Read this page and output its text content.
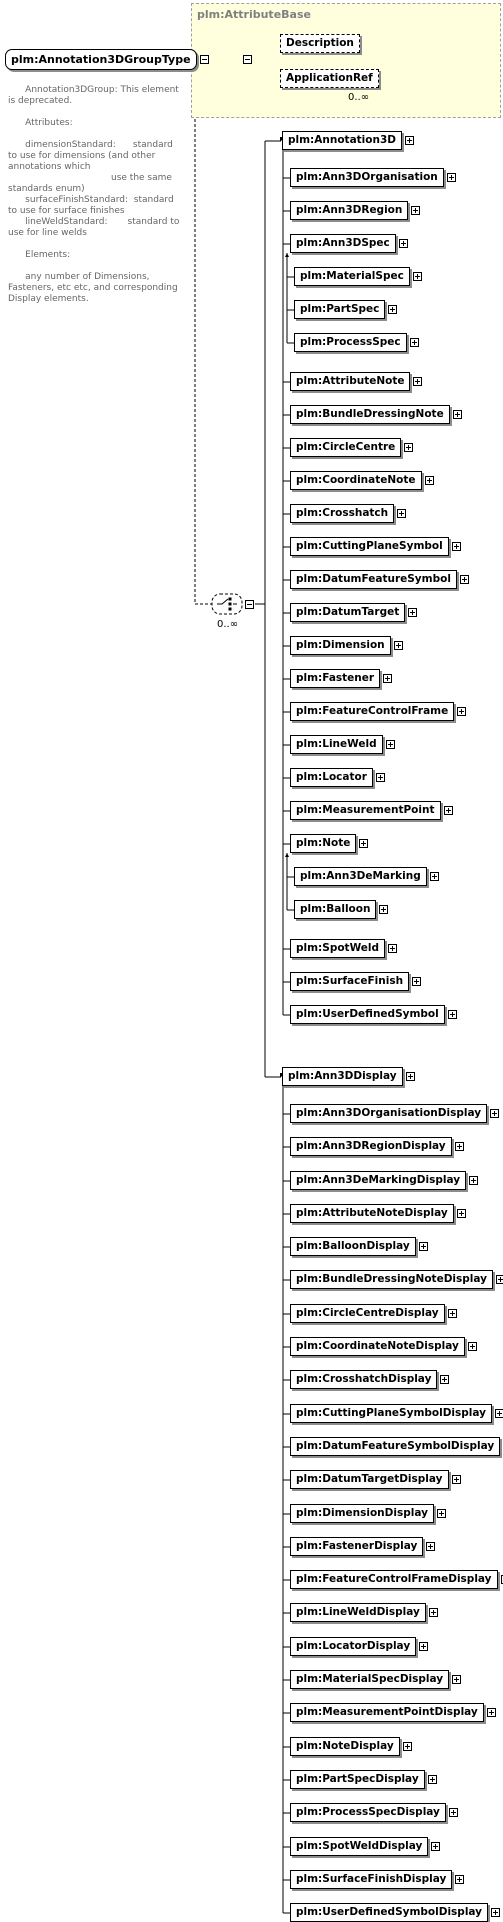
plm:AttributeBase
Annotation3DGroup: This element is deprecated.

Attributes:

dimensionStandard:      standard to use for dimensions (and other annotations which
use the same standards enum)
surfaceFinishStandard:  standard to use for surface finishes
lineWeldStandard:       standard to use for line welds

Elements:

any number of Dimensions, Fasteners, etc etc, and corresponding Display elements.
plm:Annotation3DGroupType
Description
ApplicationRef
0..∞
0..∞
plm:Annotation3D
plm:Ann3DOrganisation
plm:Ann3DRegion
plm:Ann3DSpec
plm:MaterialSpec
plm:PartSpec
plm:ProcessSpec
plm:AttributeNote
plm:BundleDressingNote
plm:CircleCentre
plm:CoordinateNote
plm:Crosshatch
plm:CuttingPlaneSymbol
plm:DatumFeatureSymbol
plm:DatumTarget
plm:Dimension
plm:Fastener
plm:FeatureControlFrame
plm:LineWeld
plm:Locator
plm:MeasurementPoint
plm:Note
plm:Ann3DeMarking
plm:Balloon
plm:SpotWeld
plm:SurfaceFinish
plm:UserDefinedSymbol
plm:Ann3DDisplay
plm:Ann3DOrganisationDisplay
plm:Ann3DRegionDisplay
plm:Ann3DeMarkingDisplay
plm:AttributeNoteDisplay
plm:BalloonDisplay
plm:BundleDressingNoteDisplay
plm:CircleCentreDisplay
plm:CoordinateNoteDisplay
plm:CrosshatchDisplay
plm:CuttingPlaneSymbolDisplay
plm:DatumFeatureSymbolDisplay
plm:DatumTargetDisplay
plm:DimensionDisplay
plm:FastenerDisplay
plm:FeatureControlFrameDisplay
plm:LineWeldDisplay
plm:LocatorDisplay
plm:MaterialSpecDisplay
plm:MeasurementPointDisplay
plm:NoteDisplay
plm:PartSpecDisplay
plm:ProcessSpecDisplay
plm:SpotWeldDisplay
plm:SurfaceFinishDisplay
plm:UserDefinedSymbolDisplay
